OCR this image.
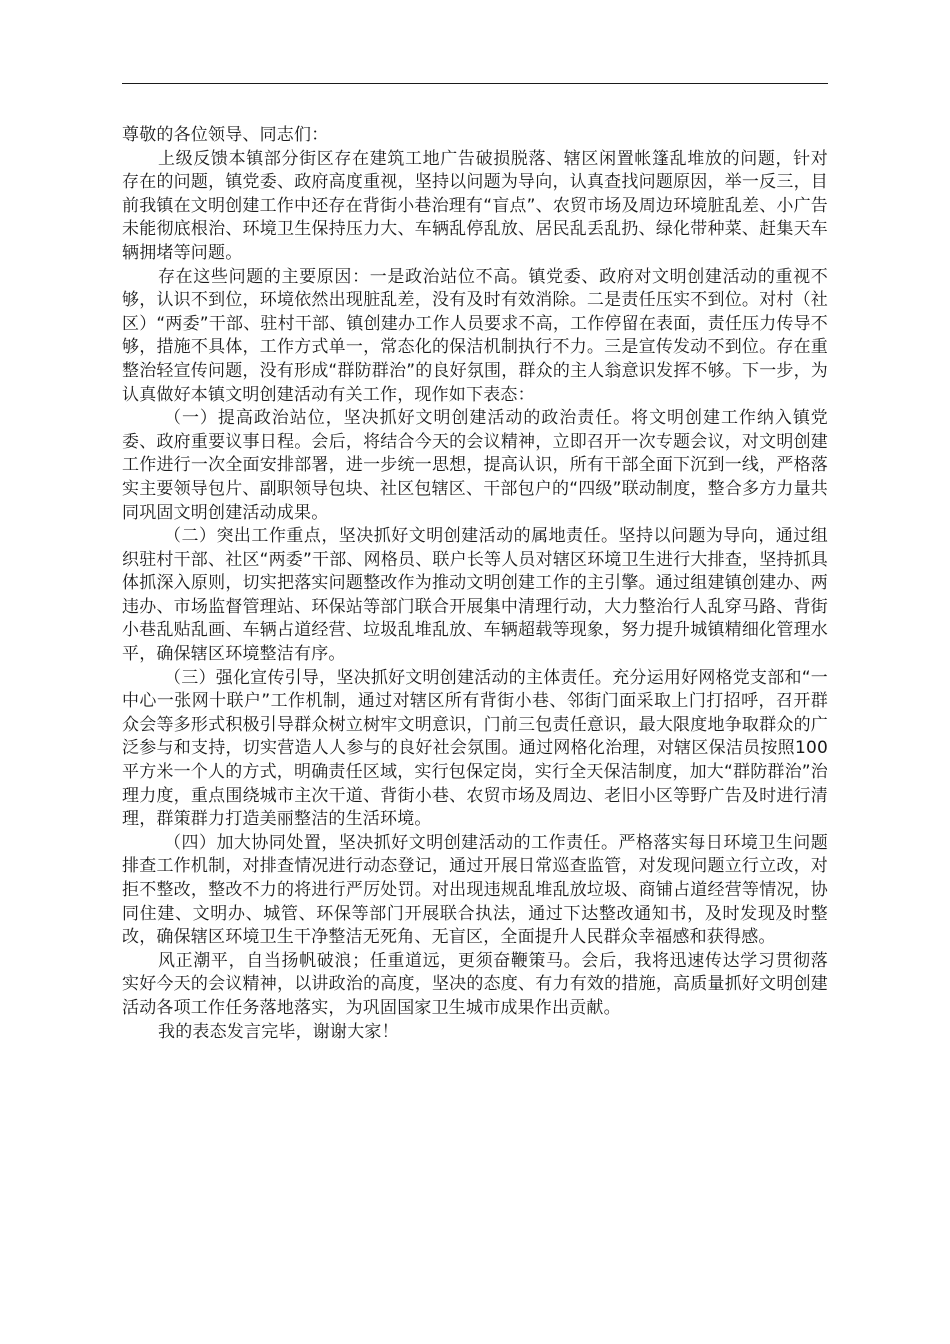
尊敬的各位领导、同志们：

上级反馈本镇部分街区存在建筑工地广告破损脱落、辖区闲置帐篷乱堆放的问题，针对存在的问题，镇党委、政府高度重视，坚持以问题为导向，认真查找问题原因，举一反三，目前我镇在文明创建工作中还存在背街小巷治理有“盲点”、农贸市场及周边环境脏乱差、小广告未能彻底根治、环境卫生保持压力大、车辆乱停乱放、居民乱丢乱扔、绿化带种菜、赶集天车辆拥堵等问题。

存在这些问题的主要原因：一是政治站位不高。镇党委、政府对文明创建活动的重视不够，认识不到位，环境依然出现脏乱差，没有及时有效消除。二是责任压实不到位。对村（社区）“两委”干部、驻村干部、镇创建办工作人员要求不高，工作停留在表面，责任压力传导不够，措施不具体，工作方式单一，常态化的保洁机制执行不力。三是宣传发动不到位。存在重整治轻宣传问题，没有形成“群防群治”的良好氛围，群众的主人翁意识发挥不够。下一步，为认真做好本镇文明创建活动有关工作，现作如下表态：

（一）提高政治站位，坚决抓好文明创建活动的政治责任。将文明创建工作纳入镇党委、政府重要议事日程。会后，将结合今天的会议精神，立即召开一次专题会议，对文明创建工作进行一次全面安排部署，进一步统一思想，提高认识，所有干部全面下沉到一线，严格落实主要领导包片、副职领导包块、社区包辖区、干部包户的“四级”联动制度，整合多方力量共同巩固文明创建活动成果。

（二）突出工作重点，坚决抓好文明创建活动的属地责任。坚持以问题为导向，通过组织驻村干部、社区“两委”干部、网格员、联户长等人员对辖区环境卫生进行大排查，坚持抓具体抓深入原则，切实把落实问题整改作为推动文明创建工作的主引擎。通过组建镇创建办、两违办、市场监督管理站、环保站等部门联合开展集中清理行动，大力整治行人乱穿马路、背街小巷乱贴乱画、车辆占道经营、垃圾乱堆乱放、车辆超载等现象，努力提升城镇精细化管理水平，确保辖区环境整洁有序。

（三）强化宣传引导，坚决抓好文明创建活动的主体责任。充分运用好网格党支部和“一中心一张网十联户”工作机制，通过对辖区所有背街小巷、邻街门面采取上门打招呼，召开群众会等多形式积极引导群众树立树牢文明意识，门前三包责任意识，最大限度地争取群众的广泛参与和支持，切实营造人人参与的良好社会氛围。通过网格化治理，对辖区保洁员按照100平方米一个人的方式，明确责任区域，实行包保定岗，实行全天保洁制度，加大“群防群治”治理力度，重点围绕城市主次干道、背街小巷、农贸市场及周边、老旧小区等野广告及时进行清理，群策群力打造美丽整洁的生活环境。

（四）加大协同处置，坚决抓好文明创建活动的工作责任。严格落实每日环境卫生问题排查工作机制，对排查情况进行动态登记，通过开展日常巡查监管，对发现问题立行立改，对拒不整改，整改不力的将进行严厉处罚。对出现违规乱堆乱放垃圾、商铺占道经营等情况，协同住建、文明办、城管、环保等部门开展联合执法，通过下达整改通知书，及时发现及时整改，确保辖区环境卫生干净整洁无死角、无盲区，全面提升人民群众幸福感和获得感。

风正潮平，自当扬帆破浪；任重道远，更须奋鞭策马。会后，我将迅速传达学习贯彻落实好今天的会议精神，以讲政治的高度，坚决的态度、有力有效的措施，高质量抓好文明创建活动各项工作任务落地落实，为巩固国家卫生城市成果作出贡献。

我的表态发言完毕，谢谢大家！
